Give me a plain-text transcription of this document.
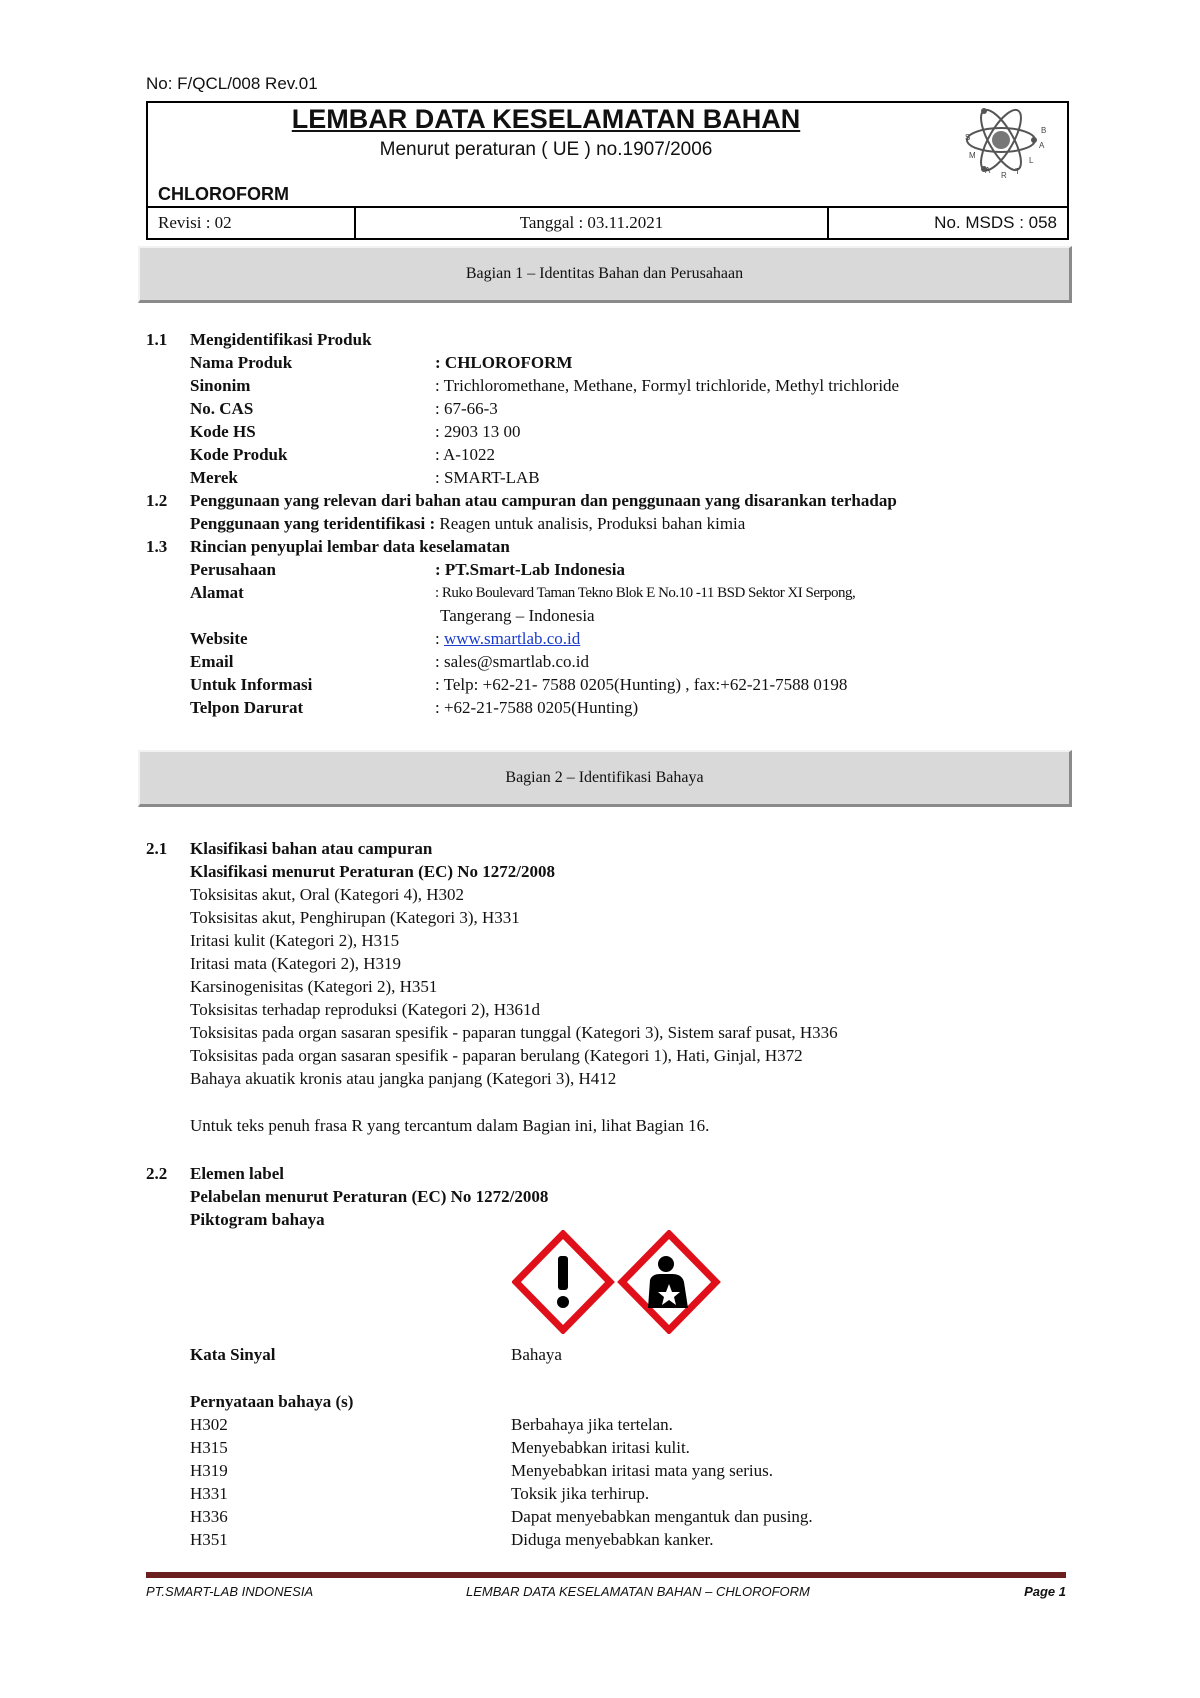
No: F/QCL/008 Rev.01
LEMBAR DATA KESELAMATAN BAHAN
Menurut peraturan ( UE ) no.1907/2006
CHLOROFORM
S
M
A
R T
L
A
B
Revisi : 02	Tanggal : 03.11.2021	No. MSDS : 058
Bagian 1 – Identitas Bahan dan Perusahaan
1.1 Mengidentifikasi Produk
Nama Produk	: CHLOROFORM
Sinonim	: Trichloromethane, Methane, Formyl trichloride, Methyl trichloride
No. CAS	: 67-66-3
Kode HS	: 2903 13 00
Kode Produk	: A-1022
Merek	: SMART-LAB
1.2 Penggunaan yang relevan dari bahan atau campuran dan penggunaan yang disarankan terhadap
Penggunaan yang teridentifikasi : Reagen untuk analisis, Produksi bahan kimia
1.3 Rincian penyuplai lembar data keselamatan
Perusahaan	: PT.Smart-Lab Indonesia
Alamat	: Ruko Boulevard Taman Tekno Blok E No.10 -11 BSD Sektor XI Serpong,
Tangerang – Indonesia
Website	: www.smartlab.co.id
Email	: sales@smartlab.co.id
Untuk Informasi	: Telp: +62-21- 7588 0205(Hunting) , fax:+62-21-7588 0198
Telpon Darurat	: +62-21-7588 0205(Hunting)
Bagian 2 – Identifikasi Bahaya
2.1 Klasifikasi bahan atau campuran
Klasifikasi menurut Peraturan (EC) No 1272/2008
Toksisitas akut, Oral (Kategori 4), H302
Toksisitas akut, Penghirupan (Kategori 3), H331
Iritasi kulit (Kategori 2), H315
Iritasi mata (Kategori 2), H319
Karsinogenisitas (Kategori 2), H351
Toksisitas terhadap reproduksi (Kategori 2), H361d
Toksisitas pada organ sasaran spesifik - paparan tunggal (Kategori 3), Sistem saraf pusat, H336
Toksisitas pada organ sasaran spesifik - paparan berulang (Kategori 1), Hati, Ginjal, H372
Bahaya akuatik kronis atau jangka panjang (Kategori 3), H412
Untuk teks penuh frasa R yang tercantum dalam Bagian ini, lihat Bagian 16.
2.2 Elemen label
Pelabelan menurut Peraturan (EC) No 1272/2008
Piktogram bahaya
Kata Sinyal	Bahaya
Pernyataan bahaya (s)
H302	Berbahaya jika tertelan.
H315	Menyebabkan iritasi kulit.
H319	Menyebabkan iritasi mata yang serius.
H331	Toksik jika terhirup.
H336	Dapat menyebabkan mengantuk dan pusing.
H351	Diduga menyebabkan kanker.
PT.SMART-LAB INDONESIA	LEMBAR DATA KESELAMATAN BAHAN – CHLOROFORM	Page 1
